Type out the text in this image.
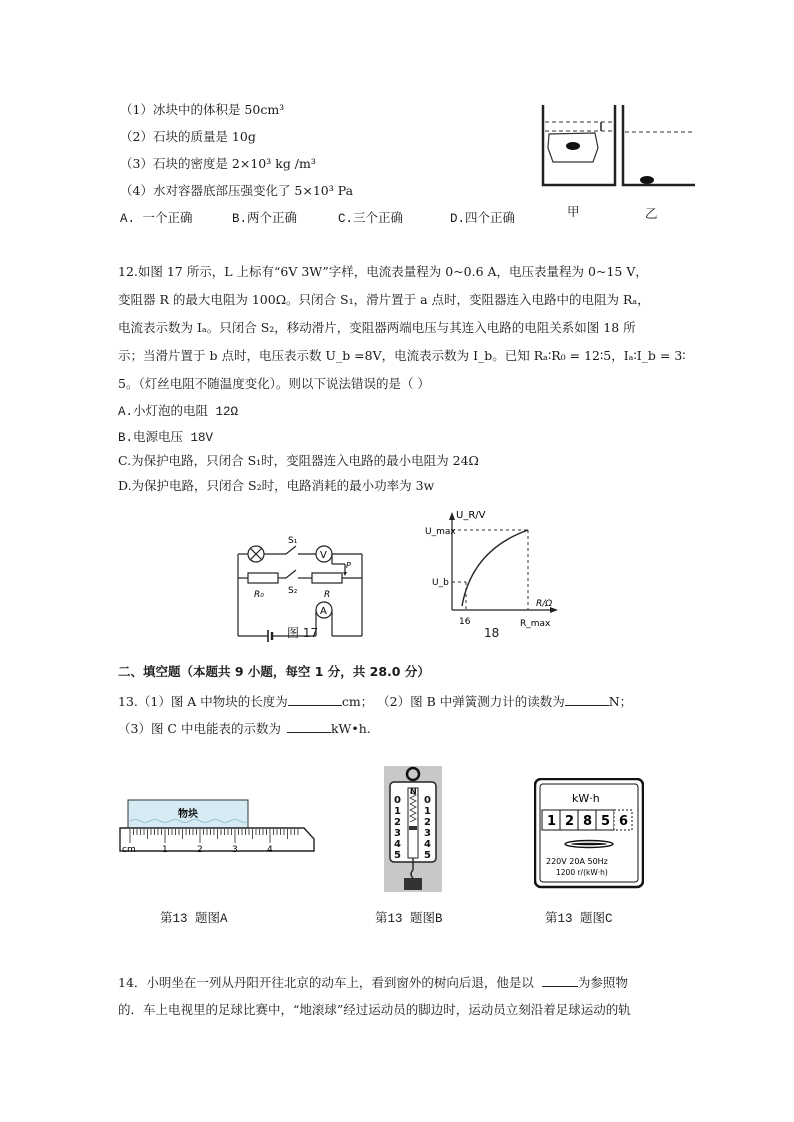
（1）冰块中的体积是 50cm³
（2）石块的质量是 10g
（3）石块的密度是 2×10³ kg /m³
（4）水对容器底部压强变化了 5×10³ Pa
A. 一个正确	B.两个正确	C.三个正确	D.四个正确	甲	乙
12.如图 17 所示，L 上标有“6V 3W”字样，电流表量程为 0~0.6 A，电压表量程为 0~15 V，
变阻器 R 的最大电阻为 100Ω。只闭合 S₁，滑片置于 a 点时，变阻器连入电路中的电阻为 Rₐ，
电流表示数为 Iₐ。只闭合 S₂，移动滑片，变阻器两端电压与其连入电路的电阻关系如图 18 所
示；当滑片置于 b 点时，电压表示数 U_b =8V，电流表示数为 I_b。已知 Rₐ∶R₀ = 12∶5，Iₐ∶I_b = 3∶
5。（灯丝电阻不随温度变化）。则以下说法错误的是（ ）
A.小灯泡的电阻 12Ω
B.电源电压 18V
C.为保护电路，只闭合 S₁时，变阻器连入电路的最小电阻为 24Ω
D.为保护电路，只闭合 S₂时，电路消耗的最小功率为 3w
S₁
S₂
R₀	R
P
V
A
图 17
U_R/V
U_max
U_b
R/Ω
16	R_max
18
二、填空题（本题共 9 小题，每空 1 分，共 28.0 分）
13.（1）图 A 中物块的长度为	cm； （2）图 B 中弹簧测力计的读数为	N；
（3）图 C 中电能表的示数为	kW•h.
物块
cm	1	2	3	4
第13 题图A
N
0
1
2
3
4
5
0
1
2
3
4
5
第13 题图B
kW·h
1 2 8 5 6
220V 20A 50Hz
1200 r/(kW·h)
第13 题图C
14．小明坐在一列从丹阳开往北京的动车上，看到窗外的树向后退，他是以	为参照物
的．车上电视里的足球比赛中，“地滚球”经过运动员的脚边时，运动员立刻沿着足球运动的轨
